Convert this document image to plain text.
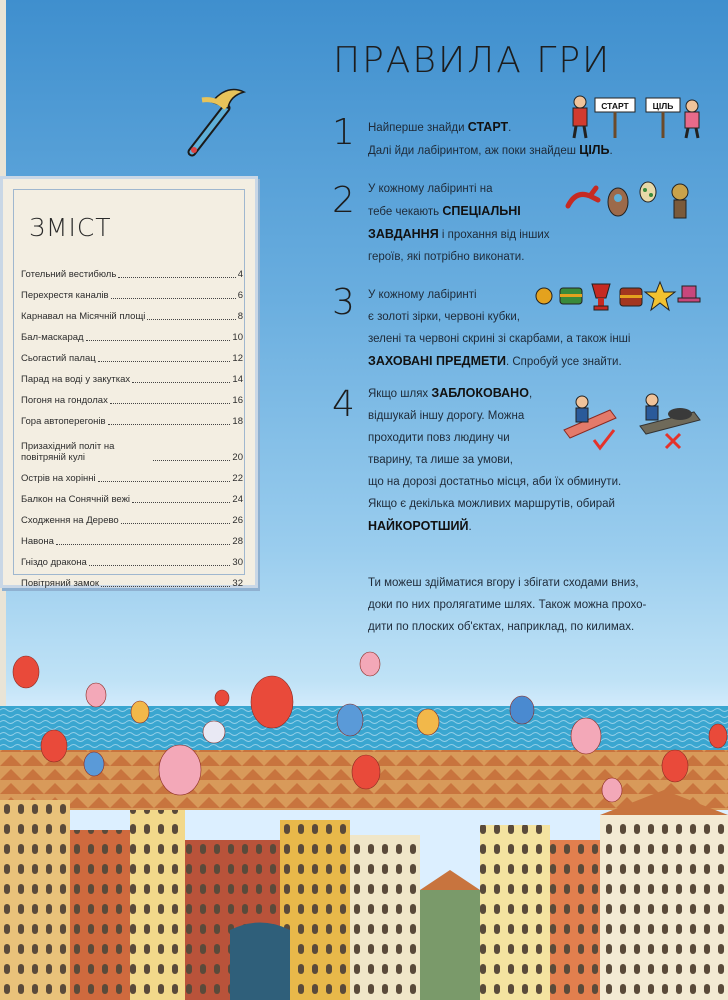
ЗМІСТ
Готельний вестибюль	4
Перехрестя каналів	6
Карнавал на Місячній площі	8
Бал-маскарад	10
Сьогастий палац	12
Парад на воді у закутках	14
Погоня на гондолах	16
Гора автоперегонів	18
Призахідний політ на повітряній кулі	20
Острів на хорінні	22
Балкон на Сонячній вежі	24
Сходження на Дерево	26
Навона	28
Гніздо дракона	30
Повітряний замок	32
ПРАВИЛА ГРИ
1 Найперше знайди СТАРТ.
Далі йди лабіринтом, аж поки знайдеш ЦІЛЬ.
СТАРТ	ЦІЛЬ
2 У кожному лабіринті на
тебе чекають СПЕЦІАЛЬНІ
ЗАВДАННЯ і прохання від інших
героїв, які потрібно виконати.
3 У кожному лабіринті
є золоті зірки, червоні кубки,
зелені та червоні скрині зі скарбами, а також інші
ЗАХОВАНІ ПРЕДМЕТИ. Спробуй усе знайти.
4 Якщо шлях ЗАБЛОКОВАНО,
відшукай іншу дорогу. Можна
проходити повз людину чи
тварину, та лише за умови,
що на дорозі достатньо місця, аби їх обминути.
Якщо є декілька можливих маршрутів, обирай
НАЙКОРОТШИЙ.
Ти можеш здійматися вгору і збігати сходами вниз,
доки по них пролягатиме шлях. Також можна прохо-
дити по плоских об'єктах, наприклад, по килимах.
